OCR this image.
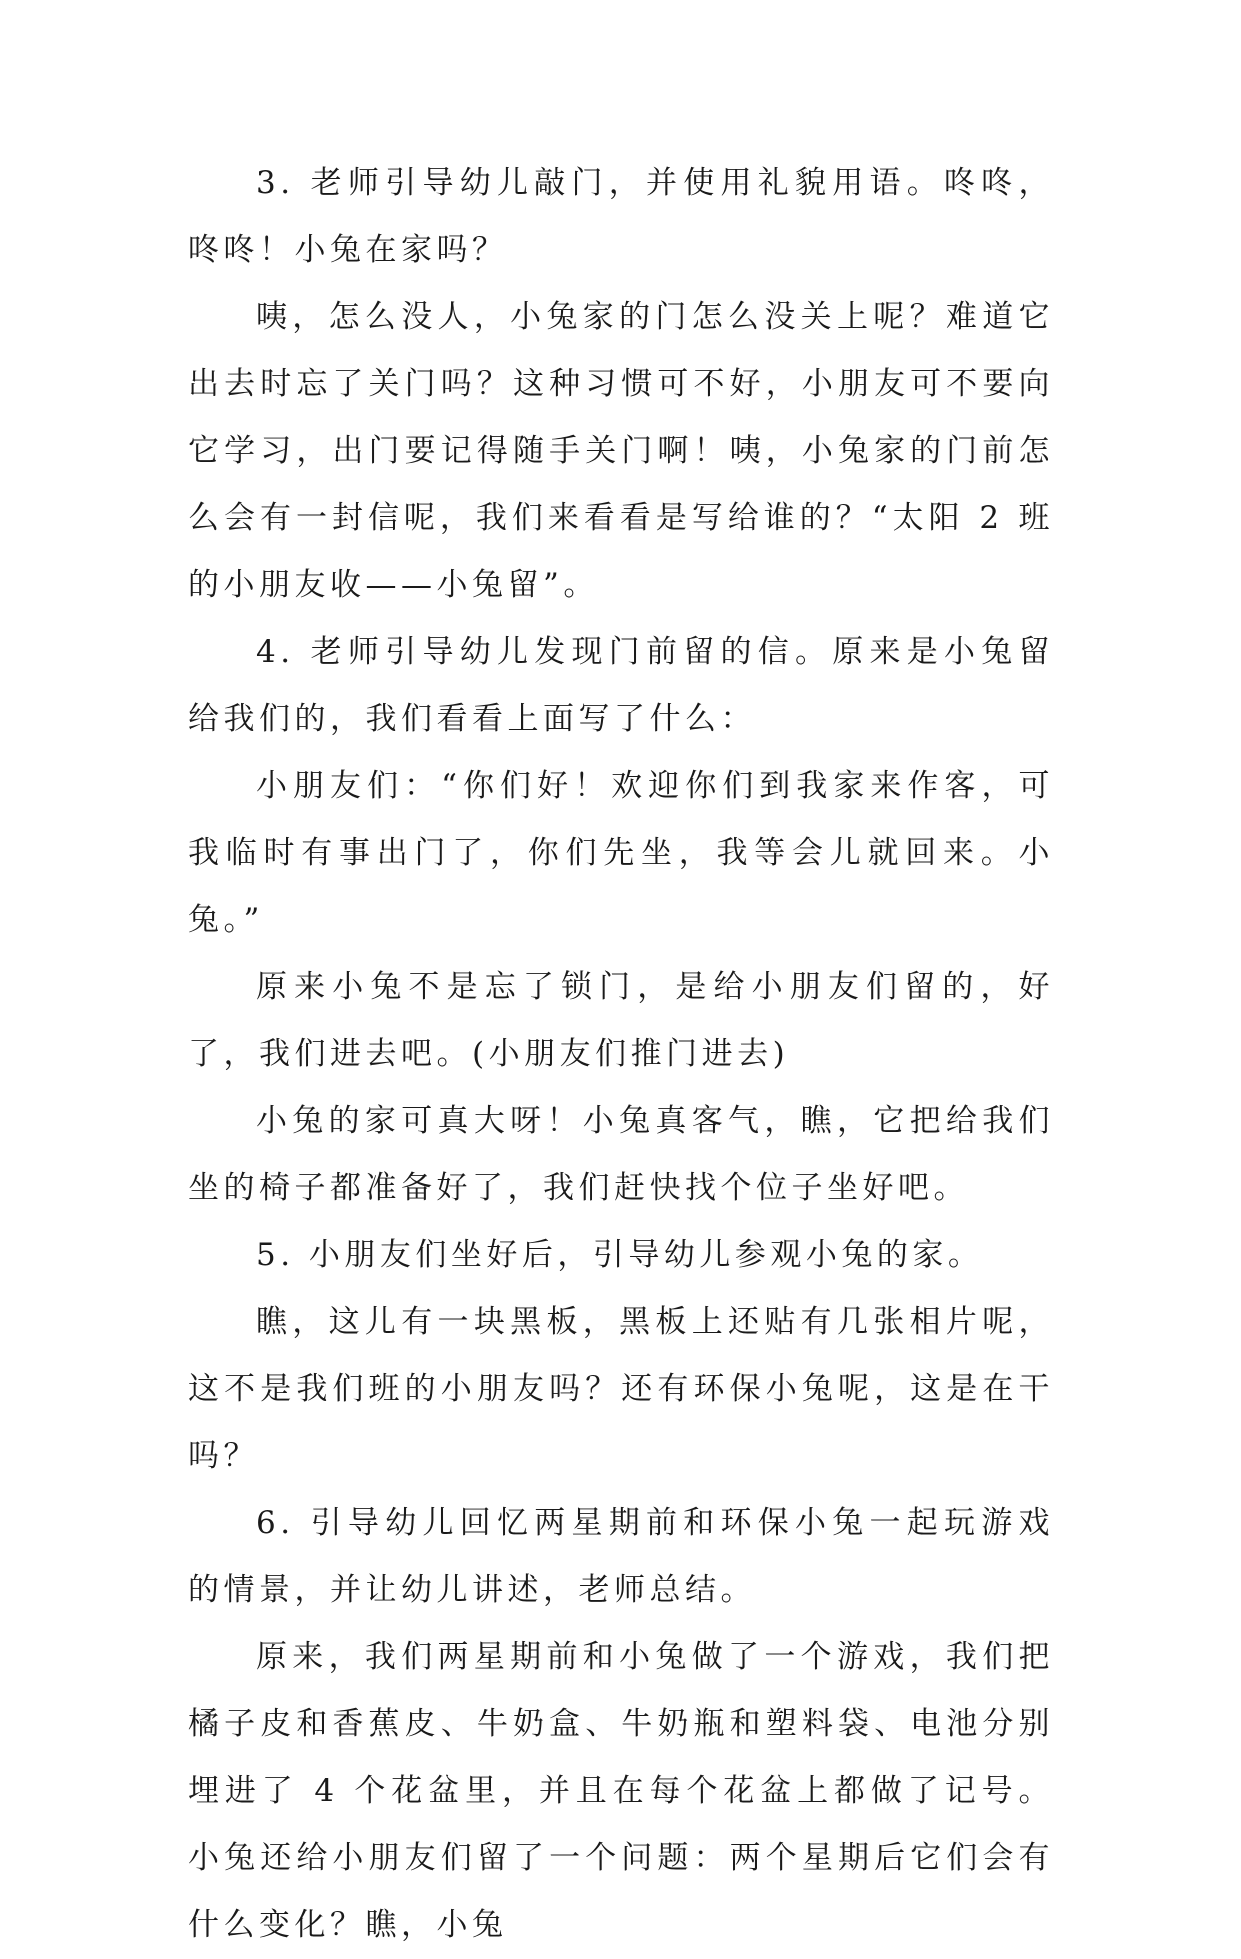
3. 老师引导幼儿敲门，并使用礼貌用语。咚咚，咚咚！小兔在家吗？

咦，怎么没人，小兔家的门怎么没关上呢？难道它出去时忘了关门吗？这种习惯可不好，小朋友可不要向它学习，出门要记得随手关门啊！咦，小兔家的门前怎么会有一封信呢，我们来看看是写给谁的？“太阳 2 班的小朋友收——小兔留”。

4. 老师引导幼儿发现门前留的信。原来是小兔留给我们的，我们看看上面写了什么：

小朋友们：“你们好！欢迎你们到我家来作客，可我临时有事出门了，你们先坐，我等会儿就回来。小兔。”

原来小兔不是忘了锁门，是给小朋友们留的，好了，我们进去吧。(小朋友们推门进去)

小兔的家可真大呀！小兔真客气，瞧，它把给我们坐的椅子都准备好了，我们赶快找个位子坐好吧。

5. 小朋友们坐好后，引导幼儿参观小兔的家。

瞧，这儿有一块黑板，黑板上还贴有几张相片呢，这不是我们班的小朋友吗？还有环保小兔呢，这是在干吗？

6. 引导幼儿回忆两星期前和环保小兔一起玩游戏的情景，并让幼儿讲述，老师总结。

原来，我们两星期前和小兔做了一个游戏，我们把橘子皮和香蕉皮、牛奶盒、牛奶瓶和塑料袋、电池分别埋进了 4 个花盆里，并且在每个花盆上都做了记号。小兔还给小朋友们留了一个问题：两个星期后它们会有什么变化？瞧，小兔
